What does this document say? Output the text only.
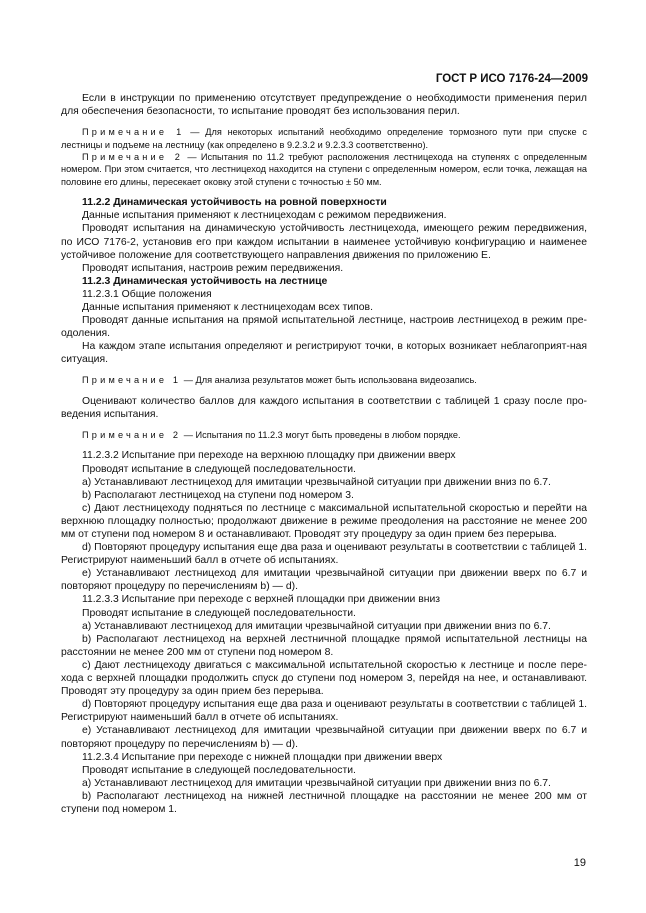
ГОСТ Р ИСО 7176-24—2009

Если в инструкции по применению отсутствует предупреждение о необходимости применения перил для обеспечения безопасности, то испытание проводят без использования перил.

Примечание 1 — Для некоторых испытаний необходимо определение тормозного пути при спуске с лестницы и подъеме на лестницу (как определено в 9.2.3.2 и 9.2.3.3 соответственно).

Примечание 2 — Испытания по 11.2 требуют расположения лестницехода на ступенях с определенным номером. При этом считается, что лестницеход находится на ступени с определенным номером, если точка, лежащая на половине его длины, пересекает оковку этой ступени с точностью ± 50 мм.

11.2.2 Динамическая устойчивость на ровной поверхности

Данные испытания применяют к лестницеходам с режимом передвижения.

Проводят испытания на динамическую устойчивость лестницехода, имеющего режим передвижения, по ИСО 7176-2, установив его при каждом испытании в наименее устойчивую конфигурацию и наименее устойчивое положение для соответствующего направления движения по приложению Е.

Проводят испытания, настроив режим передвижения.

11.2.3 Динамическая устойчивость на лестнице

11.2.3.1 Общие положения

Данные испытания применяют к лестницеходам всех типов.

Проводят данные испытания на прямой испытательной лестнице, настроив лестницеход в режим пре-одоления.

На каждом этапе испытания определяют и регистрируют точки, в которых возникает неблагоприят-ная ситуация.

Примечание 1 — Для анализа результатов может быть использована видеозапись.

Оценивают количество баллов для каждого испытания в соответствии с таблицей 1 сразу после про-ведения испытания.

Примечание 2 — Испытания по 11.2.3 могут быть проведены в любом порядке.

11.2.3.2 Испытание при переходе на верхнюю площадку при движении вверх

Проводят испытание в следующей последовательности.

a) Устанавливают лестницеход для имитации чрезвычайной ситуации при движении вниз по 6.7.

b) Располагают лестницеход на ступени под номером 3.

c) Дают лестницеходу подняться по лестнице с максимальной испытательной скоростью и перейти на верхнюю площадку полностью; продолжают движение в режиме преодоления на расстояние не менее 200 мм от ступени под номером 8 и останавливают. Проводят эту процедуру за один прием без перерыва.

d) Повторяют процедуру испытания еще два раза и оценивают результаты в соответствии с таблицей 1. Регистрируют наименьший балл в отчете об испытаниях.

e) Устанавливают лестницеход для имитации чрезвычайной ситуации при движении вверх по 6.7 и повторяют процедуру по перечислениям b) — d).

11.2.3.3 Испытание при переходе с верхней площадки при движении вниз

Проводят испытание в следующей последовательности.

a) Устанавливают лестницеход для имитации чрезвычайной ситуации при движении вниз по 6.7.

b) Располагают лестницеход на верхней лестничной площадке прямой испытательной лестницы на расстоянии не менее 200 мм от ступени под номером 8.

c) Дают лестницеходу двигаться с максимальной испытательной скоростью к лестнице и после пере-хода с верхней площадки продолжить спуск до ступени под номером 3, перейдя на нее, и останавливают. Проводят эту процедуру за один прием без перерыва.

d) Повторяют процедуру испытания еще два раза и оценивают результаты в соответствии с таблицей 1. Регистрируют наименьший балл в отчете об испытаниях.

e) Устанавливают лестницеход для имитации чрезвычайной ситуации при движении вверх по 6.7 и повторяют процедуру по перечислениям b) — d).

11.2.3.4 Испытание при переходе с нижней площадки при движении вверх

Проводят испытание в следующей последовательности.

a) Устанавливают лестницеход для имитации чрезвычайной ситуации при движении вниз по 6.7.

b) Располагают лестницеход на нижней лестничной площадке на расстоянии не менее 200 мм от ступени под номером 1.

19
